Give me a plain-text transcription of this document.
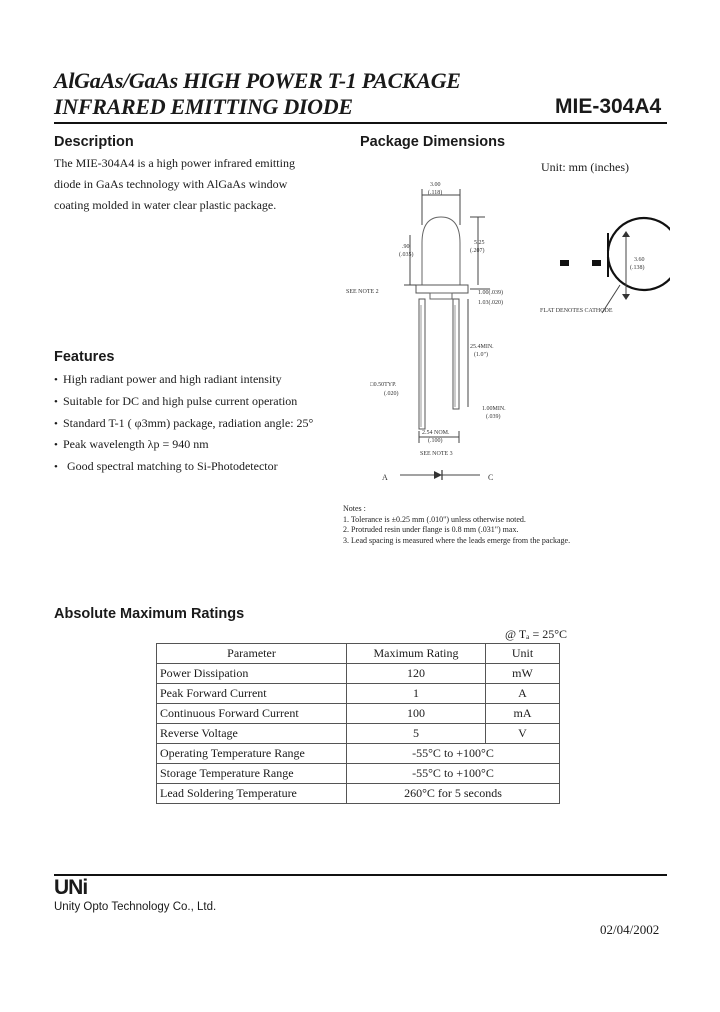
AlGaAs/GaAs HIGH POWER T-1 PACKAGE
INFRARED EMITTING DIODE	MIE-304A4
Description
The MIE-304A4 is a high power infrared emitting
diode in GaAs technology with AlGaAs window
coating molded in water clear plastic package.
Package Dimensions
Unit: mm (inches)
3.00
(.118)
.90
(.035)
5.25
(.207)
SEE NOTE 2	1.00(.039)
1.03(.020)
25.4MIN.
(1.0")
□0.50TYP.
(.020)
1.00MIN.
(.039)
2.54 NOM.
(.100)
SEE NOTE 3
A	C
3.60
(.138)
FLAT DENOTES CATHODE
Notes :
1. Tolerance is ±0.25 mm (.010") unless otherwise noted.
2. Protruded resin under flange is 0.8 mm (.031") max.
3. Lead spacing is measured where the leads emerge from the package.
Features
• High radiant power and high radiant intensity
• Suitable for DC and high pulse current operation
• Standard T-1 ( φ3mm) package, radiation angle: 25°
• Peak wavelength λp = 940 nm
• Good spectral matching to Si-Photodetector
Absolute Maximum Ratings
@ Tₐ = 25°C
Parameter	Maximum Rating	Unit
Power Dissipation	120	mW
Peak Forward Current	1	A
Continuous Forward Current	100	mA
Reverse Voltage	5	V
Operating Temperature Range	-55°C to +100°C	
Storage Temperature Range	-55°C to +100°C	
Lead Soldering Temperature	260°C for 5 seconds	
UNi
Unity Opto Technology Co., Ltd.
02/04/2002
